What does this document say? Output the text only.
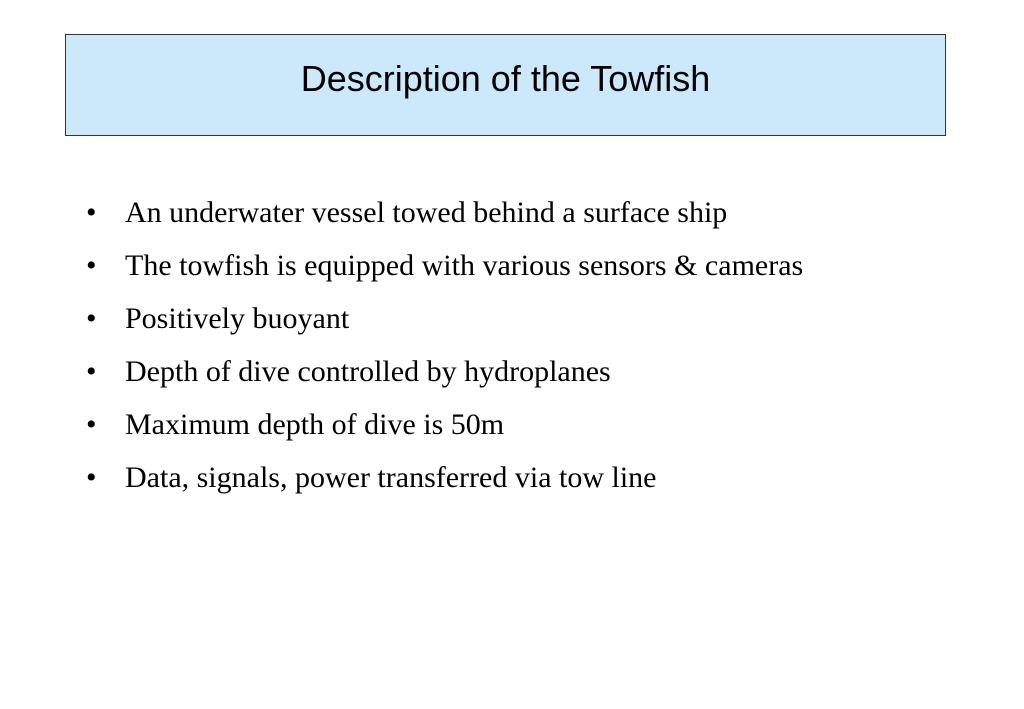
Description of the Towfish
• An underwater vessel towed behind a surface ship
• The towfish is equipped with various sensors & cameras
• Positively buoyant
• Depth of dive controlled by hydroplanes
• Maximum depth of dive is 50m
• Data, signals, power transferred via tow line
